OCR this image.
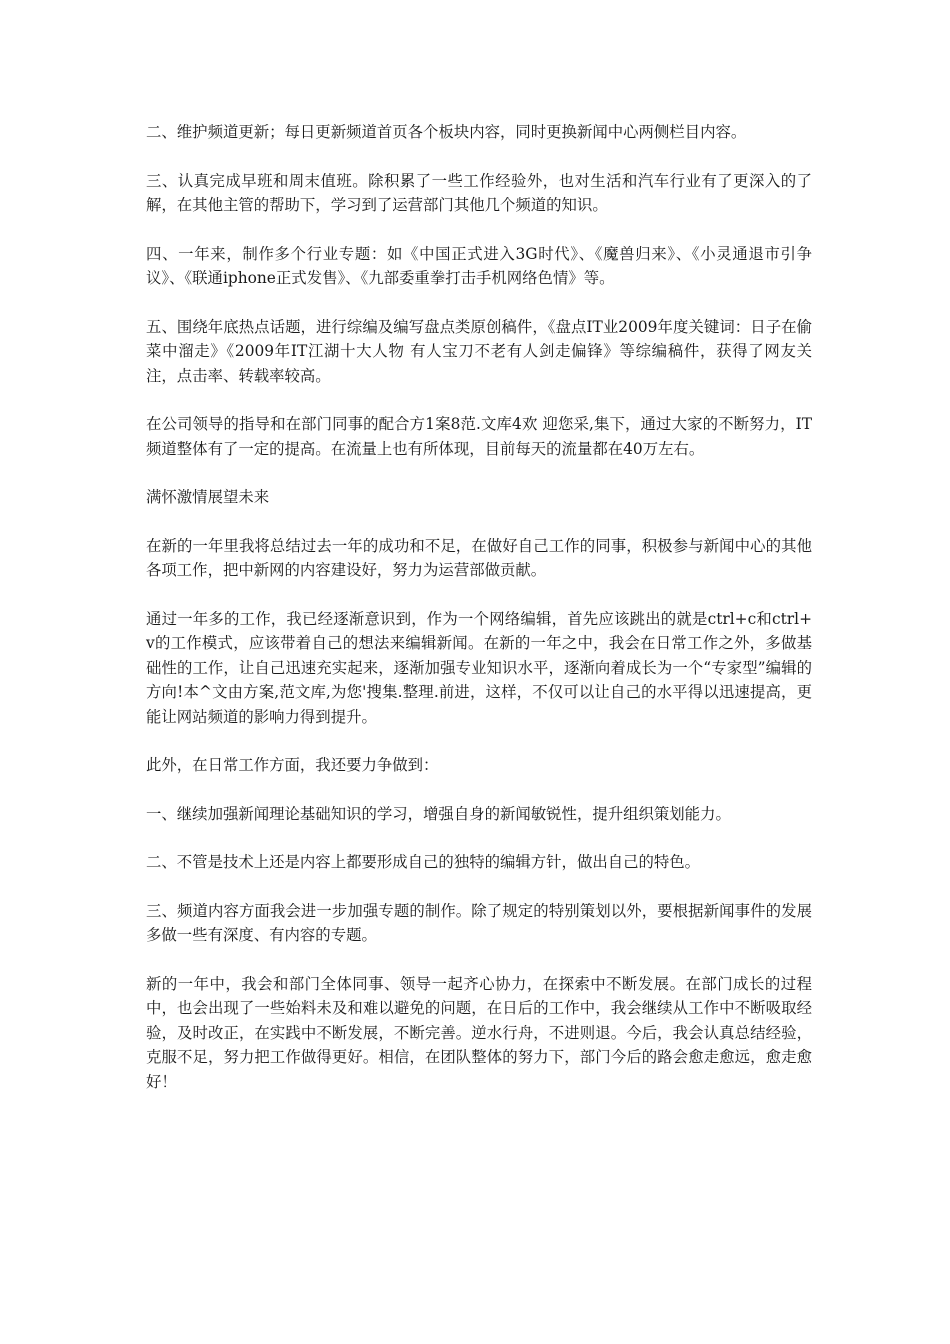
二、维护频道更新；每日更新频道首页各个板块内容，同时更换新闻中心两侧栏目内容。

三、认真完成早班和周末值班。除积累了一些工作经验外，也对生活和汽车行业有了更深入的了解，在其他主管的帮助下，学习到了运营部门其他几个频道的知识。

四、一年来，制作多个行业专题：如《中国正式进入3G时代》、《魔兽归来》、《小灵通退市引争议》、《联通iphone正式发售》、《九部委重拳打击手机网络色情》等。

五、围绕年底热点话题，进行综编及编写盘点类原创稿件，《盘点IT业2009年度关键词：日子在偷菜中溜走》《2009年IT江湖十大人物 有人宝刀不老有人剑走偏锋》等综编稿件，获得了网友关注，点击率、转载率较高。

在公司领导的指导和在部门同事的配合方1案8范.文库4欢 迎您采,集下，通过大家的不断努力，IT频道整体有了一定的提高。在流量上也有所体现，目前每天的流量都在40万左右。

满怀激情展望未来

在新的一年里我将总结过去一年的成功和不足，在做好自己工作的同事，积极参与新闻中心的其他各项工作，把中新网的内容建设好，努力为运营部做贡献。

通过一年多的工作，我已经逐渐意识到，作为一个网络编辑，首先应该跳出的就是ctrl+c和ctrl+v的工作模式，应该带着自己的想法来编辑新闻。在新的一年之中，我会在日常工作之外，多做基础性的工作，让自己迅速充实起来，逐渐加强专业知识水平，逐渐向着成长为一个“专家型”编辑的方向!本^文由方案,范文库,为您'搜集.整理.前进，这样，不仅可以让自己的水平得以迅速提高，更能让网站频道的影响力得到提升。

此外，在日常工作方面，我还要力争做到：

一、继续加强新闻理论基础知识的学习，增强自身的新闻敏锐性，提升组织策划能力。

二、不管是技术上还是内容上都要形成自己的独特的编辑方针，做出自己的特色。

三、频道内容方面我会进一步加强专题的制作。除了规定的特别策划以外，要根据新闻事件的发展多做一些有深度、有内容的专题。

新的一年中，我会和部门全体同事、领导一起齐心协力，在探索中不断发展。在部门成长的过程中，也会出现了一些始料未及和难以避免的问题，在日后的工作中，我会继续从工作中不断吸取经验，及时改正，在实践中不断发展，不断完善。逆水行舟，不进则退。今后，我会认真总结经验，克服不足，努力把工作做得更好。相信，在团队整体的努力下，部门今后的路会愈走愈远，愈走愈好！
